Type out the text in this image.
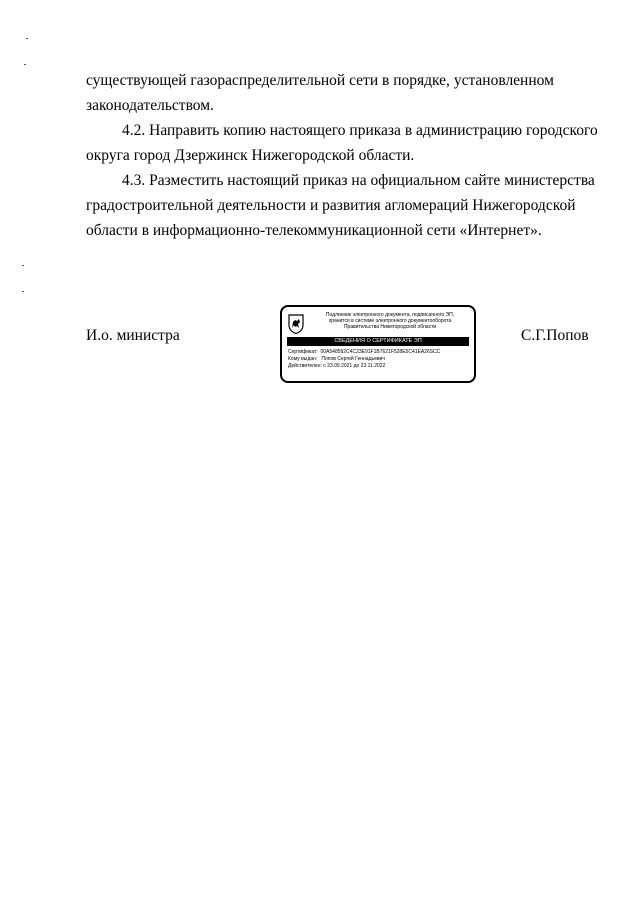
существующей газораспределительной сети в порядке, установленном
законодательством.
4.2. Направить копию настоящего приказа в администрацию городского
округа город Дзержинск Нижегородской области.
4.3. Разместить настоящий приказ на официальном сайте министерства
градостроительной деятельности и развития агломераций Нижегородской
области в информационно-телекоммуникационной сети «Интернет».
И.о. министра	С.Г.Попов
Подлинник электронного документа, подписанного ЭП,
хранится в системе электронного документооборота
Правительства Нижегородской области
СВЕДЕНИЯ О СЕРТИФИКАТЕ ЭП
Сертификат: 00A548592C4C23E91F1B7621F528E5C41EA26SCC
Кому выдан: Попов Сергей Геннадьевич
Действителен: с 23.09.2021 до 23.11.2022
